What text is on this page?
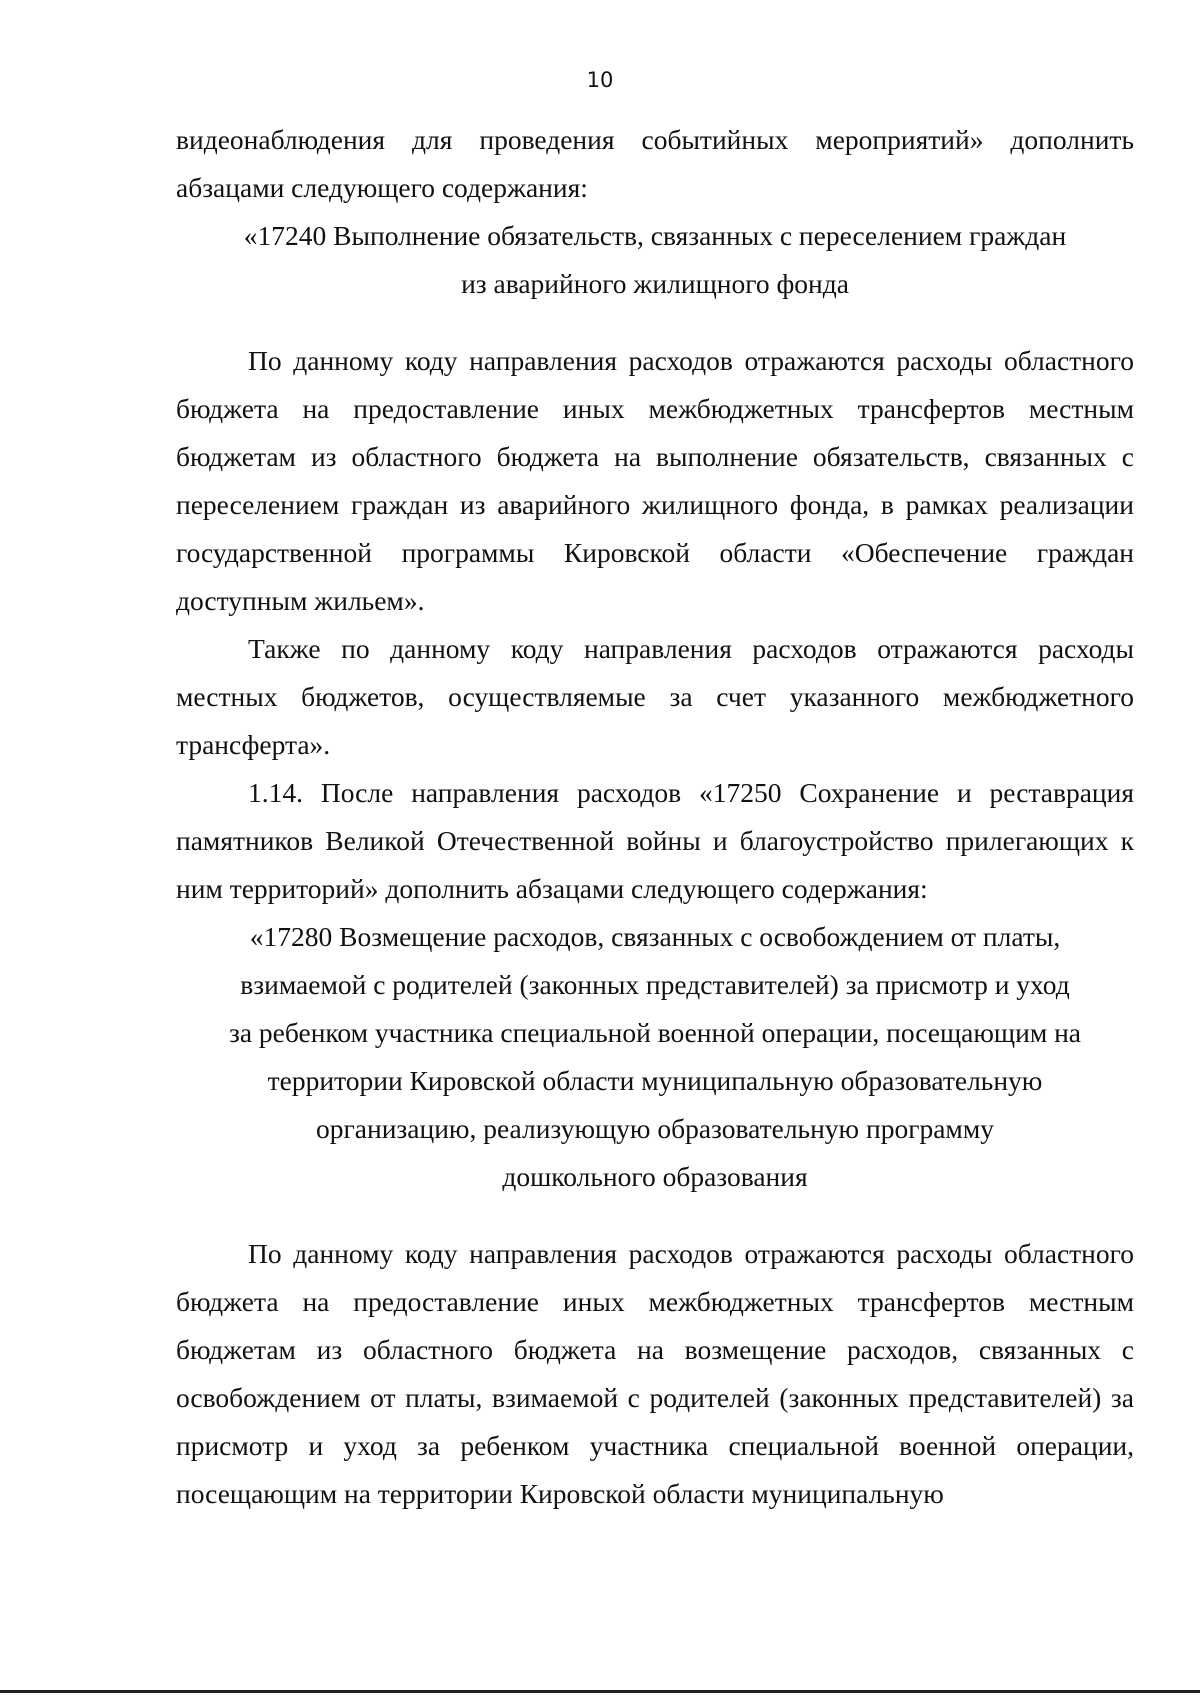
10

видеонаблюдения для проведения событийных мероприятий» дополнить абзацами следующего содержания:

«17240 Выполнение обязательств, связанных с переселением граждан

из аварийного жилищного фонда

По данному коду направления расходов отражаются расходы областного бюджета на предоставление иных межбюджетных трансфертов местным бюджетам из областного бюджета на выполнение обязательств, связанных с переселением граждан из аварийного жилищного фонда, в рамках реализации государственной программы Кировской области «Обеспечение граждан доступным жильем».

Также по данному коду направления расходов отражаются расходы местных бюджетов, осуществляемые за счет указанного межбюджетного трансферта».

1.14. После направления расходов «17250 Сохранение и реставрация памятников Великой Отечественной войны и благоустройство прилегающих к ним территорий» дополнить абзацами следующего содержания:

«17280 Возмещение расходов, связанных с освобождением от платы,

взимаемой с родителей (законных представителей) за присмотр и уход

за ребенком участника специальной военной операции, посещающим на

территории Кировской области муниципальную образовательную

организацию, реализующую образовательную программу

дошкольного образования

По данному коду направления расходов отражаются расходы областного бюджета на предоставление иных межбюджетных трансфертов местным бюджетам из областного бюджета на возмещение расходов, связанных с освобождением от платы, взимаемой с родителей (законных представителей) за присмотр и уход за ребенком участника специальной военной операции, посещающим на территории Кировской области муниципальную
